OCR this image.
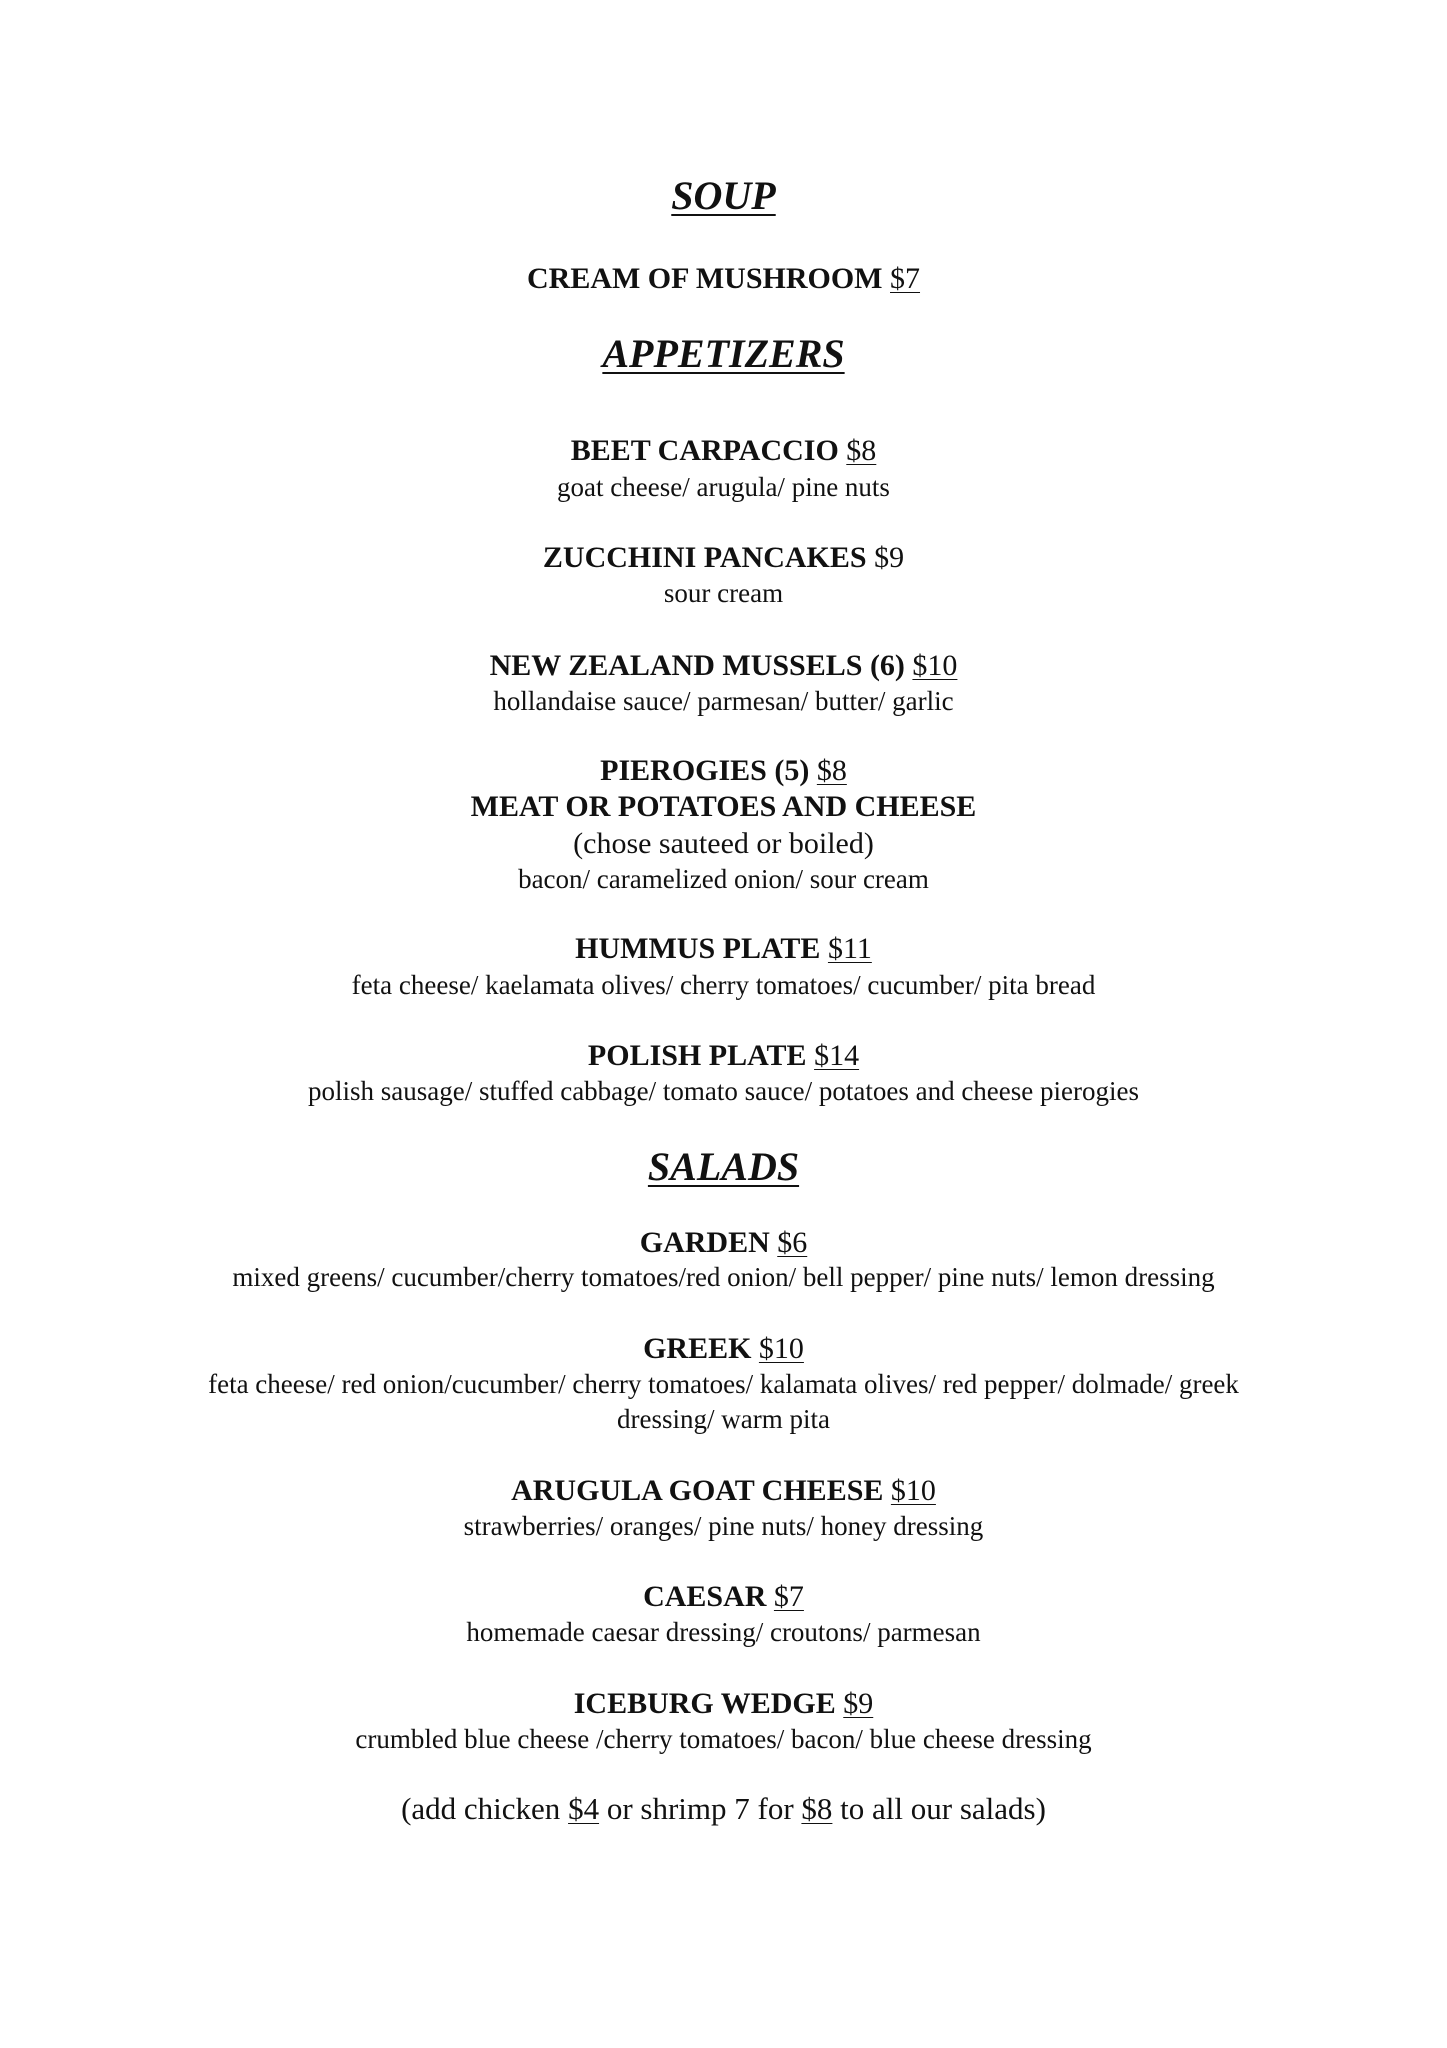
SOUP
CREAM OF MUSHROOM $7
APPETIZERS
BEET CARPACCIO $8
goat cheese/ arugula/ pine nuts
ZUCCHINI PANCAKES $9
sour cream
NEW ZEALAND MUSSELS (6) $10
hollandaise sauce/ parmesan/ butter/ garlic
PIEROGIES (5) $8
MEAT OR POTATOES AND CHEESE
(chose sauteed or boiled)
bacon/ caramelized onion/ sour cream
HUMMUS PLATE $11
feta cheese/ kaelamata olives/ cherry tomatoes/ cucumber/ pita bread
POLISH PLATE $14
polish sausage/ stuffed cabbage/ tomato sauce/ potatoes and cheese pierogies
SALADS
GARDEN $6
mixed greens/ cucumber/cherry tomatoes/red onion/ bell pepper/ pine nuts/ lemon dressing
GREEK $10
feta cheese/ red onion/cucumber/ cherry tomatoes/ kalamata olives/ red pepper/ dolmade/ greek
dressing/ warm pita
ARUGULA GOAT CHEESE $10
strawberries/ oranges/ pine nuts/ honey dressing
CAESAR $7
homemade caesar dressing/ croutons/ parmesan
ICEBURG WEDGE $9
crumbled blue cheese /cherry tomatoes/ bacon/ blue cheese dressing
(add chicken $4 or shrimp 7 for $8 to all our salads)
